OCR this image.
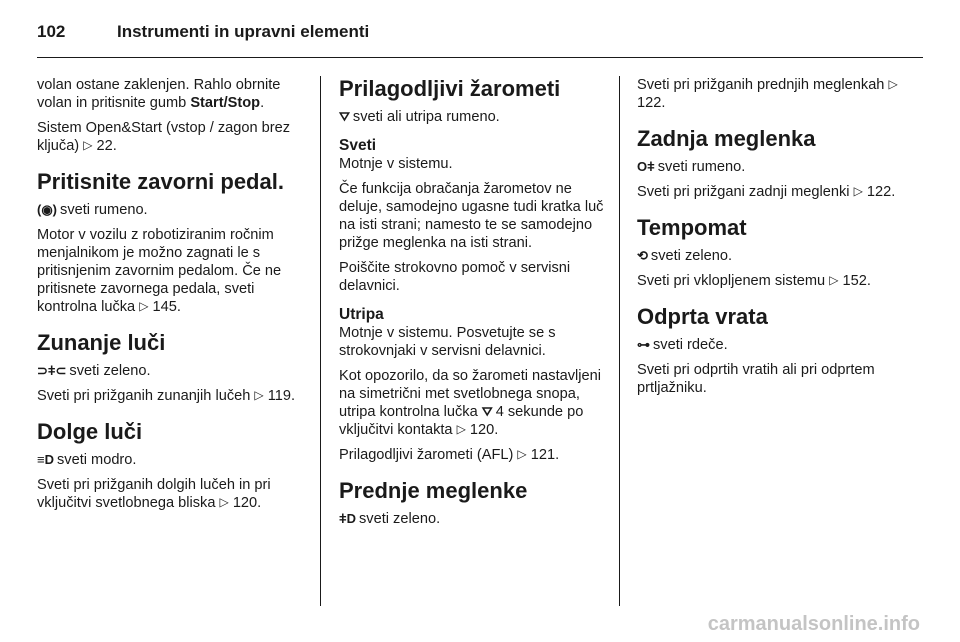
102	Instrumenti in upravni elementi

volan ostane zaklenjen. Rahlo obrnite volan in pritisnite gumb Start/Stop.

Sistem Open&Start (vstop / zagon brez ključa) ▷ 22.

Pritisnite zavorni pedal.

(◉) sveti rumeno.

Motor v vozilu z robotiziranim ročnim menjalnikom je možno zagnati le s pritisnjenim zavornim pedalom. Če ne pritisnete zavornega pedala, sveti kontrolna lučka ▷ 145.

Zunanje luči

⊃ǂ⊂ sveti zeleno.

Sveti pri prižganih zunanjih lučeh ▷ 119.

Dolge luči

≡D sveti modro.

Sveti pri prižganih dolgih lučeh in pri vključitvi svetlobnega bliska ▷ 120.

Prilagodljivi žarometi

⛛ sveti ali utripa rumeno.

Sveti

Motnje v sistemu.

Če funkcija obračanja žarometov ne deluje, samodejno ugasne tudi kratka luč na isti strani; namesto te se samodejno prižge meglenka na isti strani.

Poiščite strokovno pomoč v servisni delavnici.

Utripa

Motnje v sistemu. Posvetujte se s strokovnjaki v servisni delavnici.

Kot opozorilo, da so žarometi nastavljeni na simetrični met svetlobnega snopa, utripa kontrolna lučka ⛛ 4 sekunde po vključitvi kontakta ▷ 120.

Prilagodljivi žarometi (AFL) ▷ 121.

Prednje meglenke

ǂD sveti zeleno.

Sveti pri prižganih prednjih meglenkah ▷ 122.

Zadnja meglenka

Oǂ sveti rumeno.

Sveti pri prižgani zadnji meglenki ▷ 122.

Tempomat

⟲ sveti zeleno.

Sveti pri vklopljenem sistemu ▷ 152.

Odprta vrata

⊶ sveti rdeče.

Sveti pri odprtih vratih ali pri odprtem prtljažniku.

carmanualsonline.info
